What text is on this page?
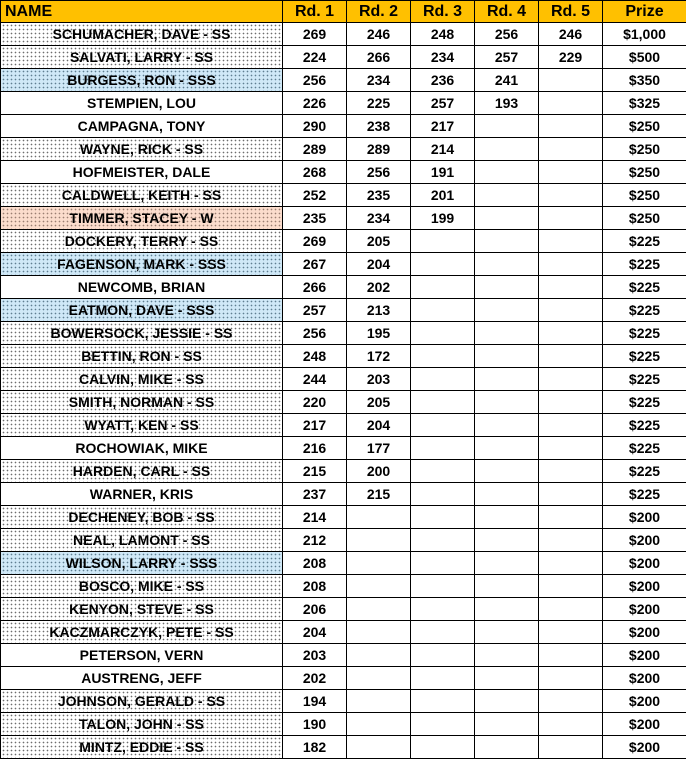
NAME	Rd. 1	Rd. 2	Rd. 3	Rd. 4	Rd. 5	Prize
SCHUMACHER, DAVE - SS	269	246	248	256	246	$1,000
SALVATI, LARRY - SS	224	266	234	257	229	$500
BURGESS, RON - SSS	256	234	236	241		$350
STEMPIEN, LOU	226	225	257	193		$325
CAMPAGNA, TONY	290	238	217			$250
WAYNE, RICK - SS	289	289	214			$250
HOFMEISTER, DALE	268	256	191			$250
CALDWELL, KEITH - SS	252	235	201			$250
TIMMER, STACEY - W	235	234	199			$250
DOCKERY, TERRY - SS	269	205				$225
FAGENSON, MARK - SSS	267	204				$225
NEWCOMB, BRIAN	266	202				$225
EATMON, DAVE - SSS	257	213				$225
BOWERSOCK, JESSIE - SS	256	195				$225
BETTIN, RON - SS	248	172				$225
CALVIN, MIKE - SS	244	203				$225
SMITH, NORMAN - SS	220	205				$225
WYATT, KEN - SS	217	204				$225
ROCHOWIAK, MIKE	216	177				$225
HARDEN, CARL - SS	215	200				$225
WARNER, KRIS	237	215				$225
DECHENEY, BOB - SS	214					$200
NEAL, LAMONT - SS	212					$200
WILSON, LARRY - SSS	208					$200
BOSCO, MIKE - SS	208					$200
KENYON, STEVE - SS	206					$200
KACZMARCZYK, PETE - SS	204					$200
PETERSON, VERN	203					$200
AUSTRENG, JEFF	202					$200
JOHNSON, GERALD - SS	194					$200
TALON, JOHN - SS	190					$200
MINTZ, EDDIE - SS	182					$200
